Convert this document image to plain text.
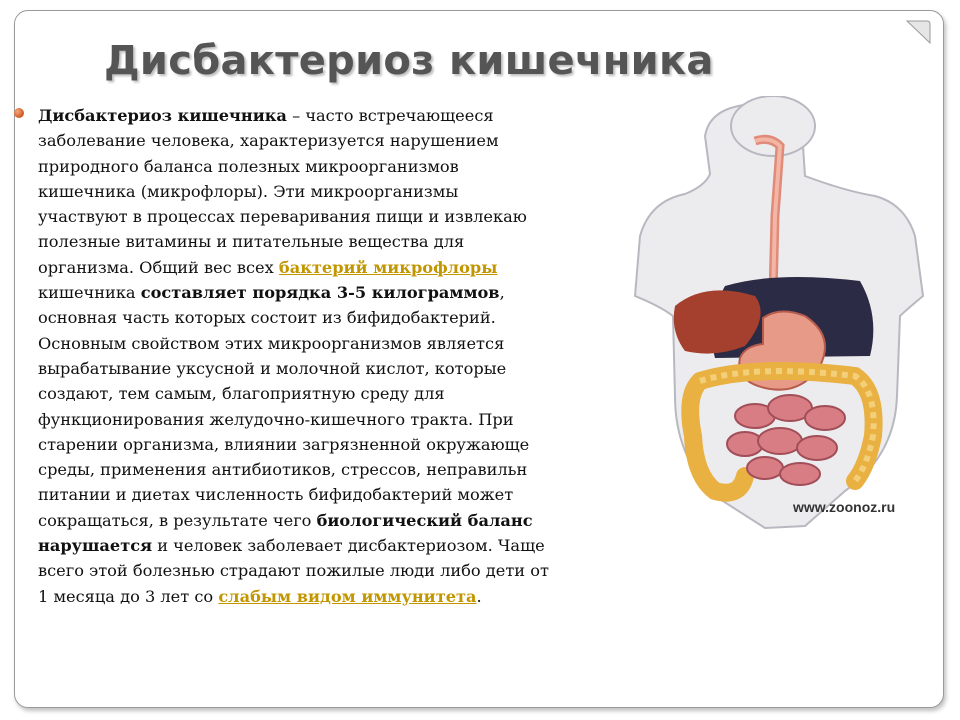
Дисбактериоз кишечника
Дисбактериоз кишечника – часто встречающееся
заболевание человека, характеризуется нарушением
природного баланса полезных микроорганизмов
кишечника (микрофлоры). Эти микроорганизмы
участвуют в процессах переваривания пищи и извлекаю
полезные витамины и питательные вещества для
организма. Общий вес всех бактерий микрофлоры
кишечника составляет порядка 3-5 килограммов,
основная часть которых состоит из бифидобактерий.
Основным свойством этих микроорганизмов является
вырабатывание уксусной и молочной кислот, которые
создают, тем самым, благоприятную среду для
функционирования желудочно-кишечного тракта. При
старении организма, влиянии загрязненной окружающе
среды, применения антибиотиков, стрессов, неправильн
питании и диетах численность бифидобактерий может
сокращаться, в результате чего биологический баланс
нарушается и человек заболевает дисбактериозом. Чаще
всего этой болезнью страдают пожилые люди либо дети от
1 месяца до 3 лет со слабым видом иммунитета.
www.zoonoz.ru
